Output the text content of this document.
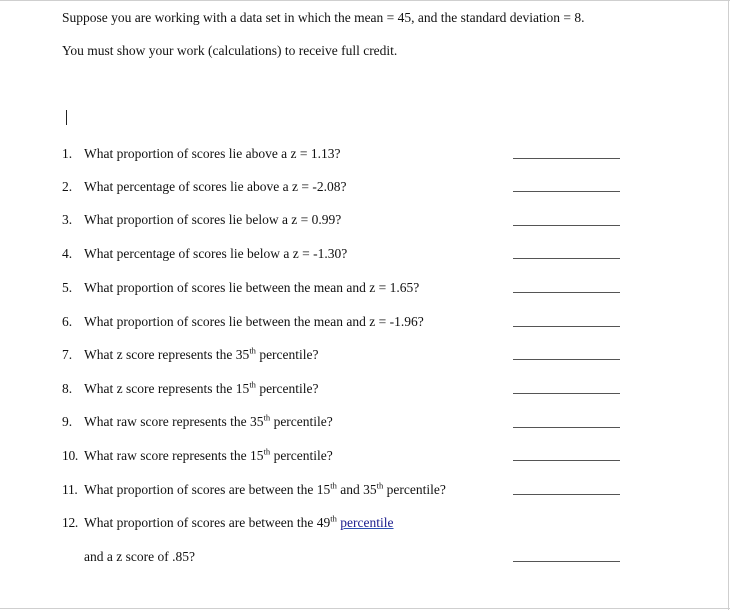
Suppose you are working with a data set in which the mean = 45, and the standard deviation = 8.
You must show your work (calculations) to receive full credit.
1. What proportion of scores lie above a z = 1.13?
2. What percentage of scores lie above a z = -2.08?
3. What proportion of scores lie below a z = 0.99?
4. What percentage of scores lie below a z = -1.30?
5. What proportion of scores lie between the mean and z = 1.65?
6. What proportion of scores lie between the mean and z = -1.96?
7. What z score represents the 35th percentile?
8. What z score represents the 15th percentile?
9. What raw score represents the 35th percentile?
10. What raw score represents the 15th percentile?
11. What proportion of scores are between the 15th and 35th percentile?
12. What proportion of scores are between the 49th percentile
and a z score of .85?
